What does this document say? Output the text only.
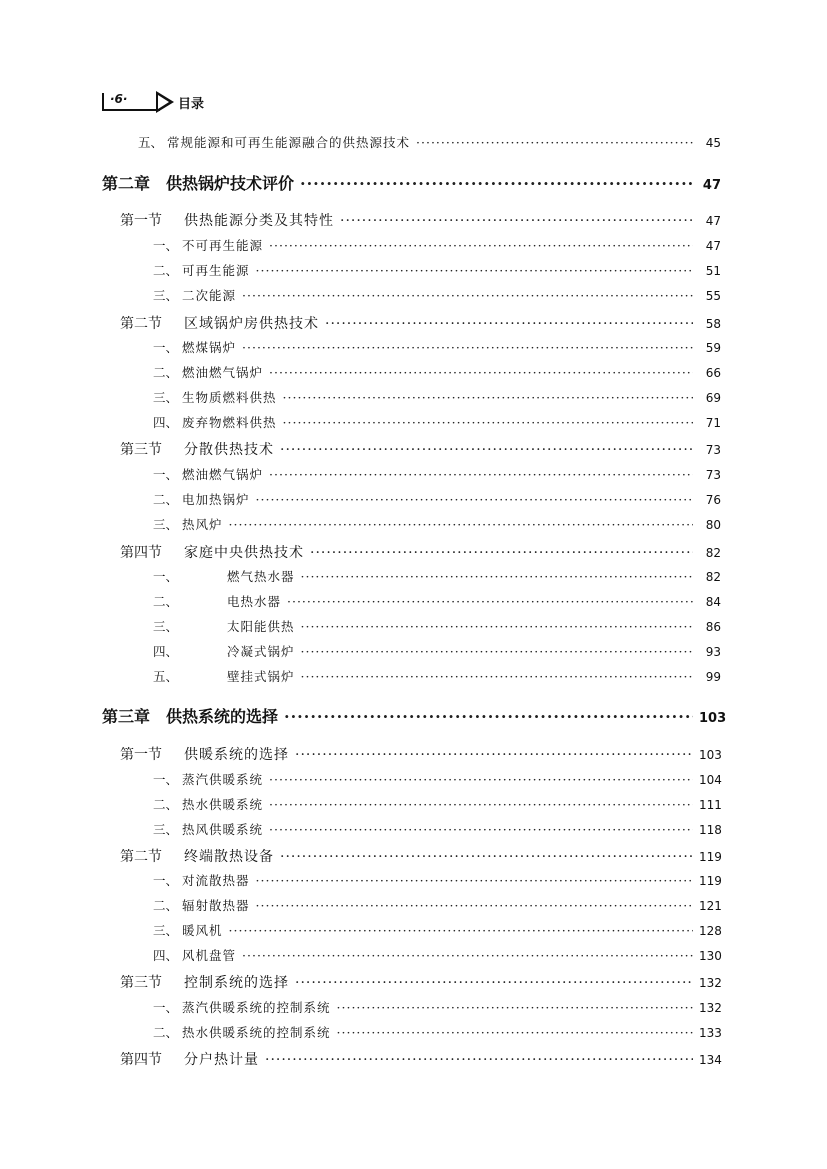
·6·	目录
五、 常规能源和可再生能源融合的供热源技术 ·····	45
第二章 供热锅炉技术评价 ·····	47
第一节 供热能源分类及其特性 ·····	47
一、 不可再生能源 ·····	47
二、 可再生能源 ·····	51
三、 二次能源 ·····	55
第二节 区域锅炉房供热技术 ·····	58
一、 燃煤锅炉 ·····	59
二、 燃油燃气锅炉 ·····	66
三、 生物质燃料供热 ·····	69
四、 废弃物燃料供热 ·····	71
第三节 分散供热技术 ·····	73
一、 燃油燃气锅炉 ·····	73
二、 电加热锅炉 ·····	76
三、 热风炉 ·····	80
第四节 家庭中央供热技术 ·····	82
一、	燃气热水器 ·····	82
二、	电热水器 ·····	84
三、	太阳能供热 ·····	86
四、	冷凝式锅炉 ·····	93
五、	壁挂式锅炉 ·····	99
第三章 供热系统的选择 ·····	103
第一节 供暖系统的选择 ·····	103
一、 蒸汽供暖系统 ·····	104
二、 热水供暖系统 ·····	111
三、 热风供暖系统 ·····	118
第二节 终端散热设备 ·····	119
一、 对流散热器 ·····	119
二、 辐射散热器 ·····	121
三、 暖风机 ·····	128
四、 风机盘管 ·····	130
第三节 控制系统的选择 ·····	132
一、 蒸汽供暖系统的控制系统 ·····	132
二、 热水供暖系统的控制系统 ·····	133
第四节 分户热计量 ·····	134
